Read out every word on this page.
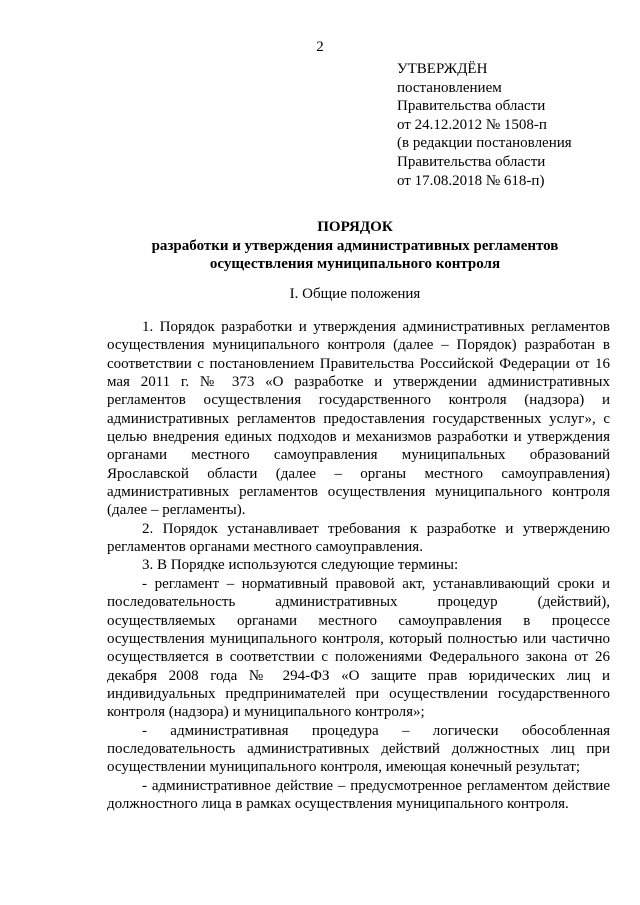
2
УТВЕРЖДЁН
постановлением
Правительства области
от 24.12.2012 № 1508-п
(в редакции постановления
Правительства области
от 17.08.2018 № 618-п)
ПОРЯДОК
разработки и утверждения административных регламентов
осуществления муниципального контроля
I. Общие положения

1. Порядок разработки и утверждения административных регламентов осуществления муниципального контроля (далее – Порядок) разработан в соответствии с постановлением Правительства Российской Федерации от 16 мая 2011 г. № 373 «О разработке и утверждении административных регламентов осуществления государственного контроля (надзора) и административных регламентов предоставления государственных услуг», с целью внедрения единых подходов и механизмов разработки и утверждения органами местного самоуправления муниципальных образований Ярославской области (далее – органы местного самоуправления) административных регламентов осуществления муниципального контроля (далее – регламенты).

2. Порядок устанавливает требования к разработке и утверждению регламентов органами местного самоуправления.

3. В Порядке используются следующие термины:

- регламент – нормативный правовой акт, устанавливающий сроки и последовательность административных процедур (действий), осуществляемых органами местного самоуправления в процессе осуществления муниципального контроля, который полностью или частично осуществляется в соответствии с положениями Федерального закона от 26 декабря 2008 года № 294-ФЗ «О защите прав юридических лиц и индивидуальных предпринимателей при осуществлении государственного контроля (надзора) и муниципального контроля»;

- административная процедура – логически обособленная последовательность административных действий должностных лиц при осуществлении муниципального контроля, имеющая конечный результат;

- административное действие – предусмотренное регламентом действие должностного лица в рамках осуществления муниципального контроля.
